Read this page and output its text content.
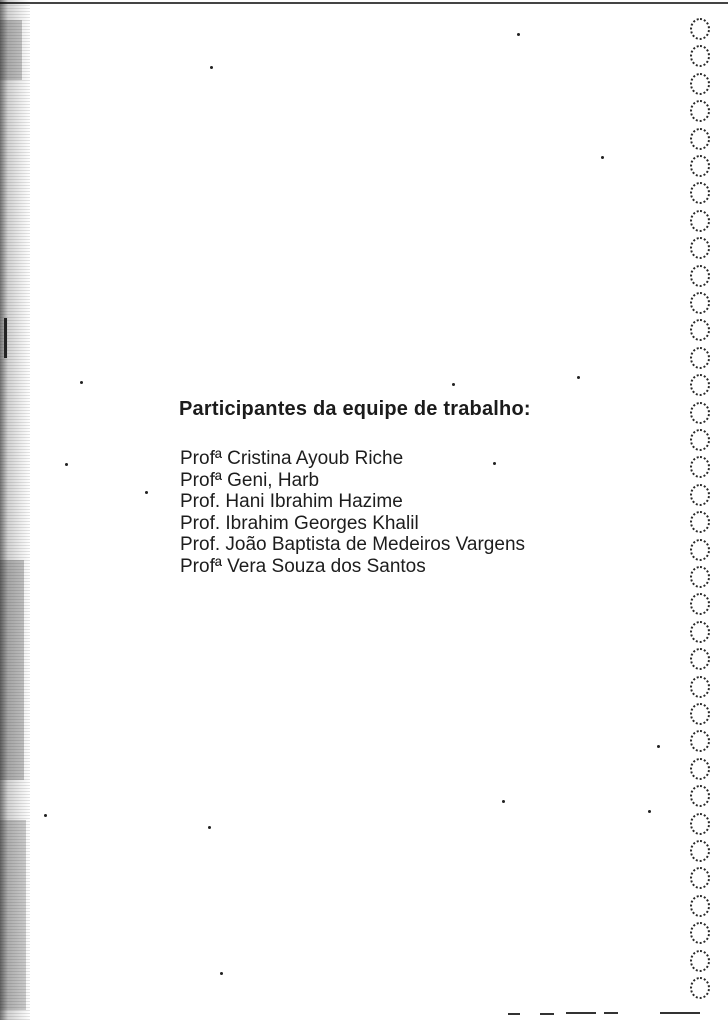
Participantes da equipe de trabalho:
Profª Cristina Ayoub Riche
Profª Geni, Harb
Prof. Hani Ibrahim Hazime
Prof. Ibrahim Georges Khalil
Prof. João Baptista de Medeiros Vargens
Profª Vera Souza dos Santos
